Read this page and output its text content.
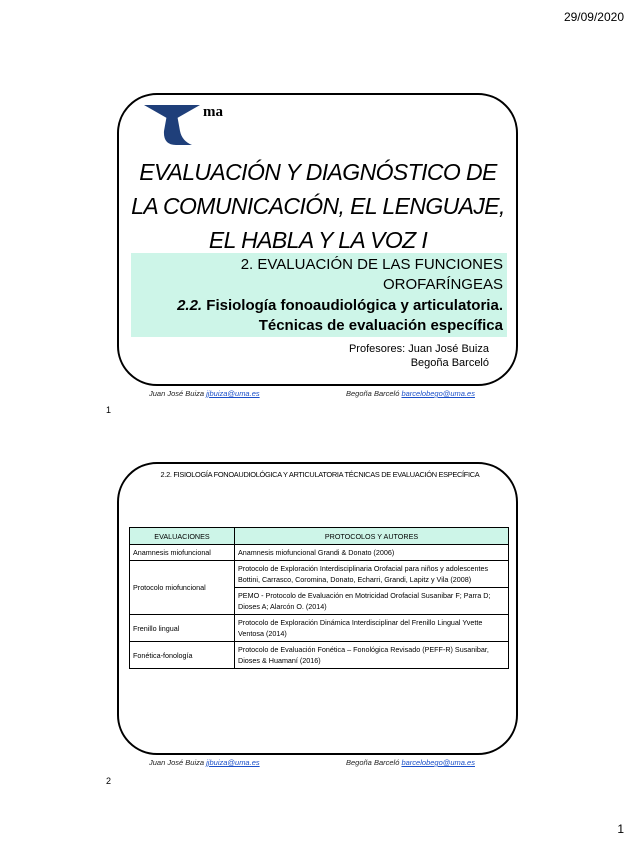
29/09/2020
ma
EVALUACIÓN Y DIAGNÓSTICO DE LA COMUNICACIÓN, EL LENGUAJE, EL HABLA Y LA VOZ I
2. EVALUACIÓN DE LAS FUNCIONES OROFARÍNGEAS
2.2. Fisiología fonoaudiológica y articulatoria. Técnicas de evaluación específica
Profesores: Juan José Buiza
Begoña Barceló
Juan José Buiza jjbuiza@uma.es	Begoña Barceló barcelobego@uma.es
1
2.2. FISIOLOGÍA FONOAUDIOLÓGICA Y ARTICULATORIA TÉCNICAS DE EVALUACIÓN ESPECÍFICA
EVALUACIONES	PROTOCOLOS Y AUTORES
Anamnesis miofuncional	Anamnesis miofuncional Grandi & Donato (2006)
Protocolo miofuncional	Protocolo de Exploración Interdisciplinaria Orofacial para niños y adolescentes Bottini, Carrasco, Coromina, Donato, Echarri, Grandi, Lapitz y Vila (2008)
	PEMO - Protocolo de Evaluación en Motricidad Orofacial Susanibar F; Parra D; Dioses A; Alarcón O. (2014)
Frenillo lingual	Protocolo de Exploración Dinámica Interdisciplinar del Frenillo Lingual Yvette Ventosa (2014)
Fonética-fonología	Protocolo de Evaluación Fonética – Fonológica Revisado (PEFF-R) Susanibar, Dioses & Huamaní (2016)
Juan José Buiza jjbuiza@uma.es	Begoña Barceló barcelobego@uma.es
2
1
